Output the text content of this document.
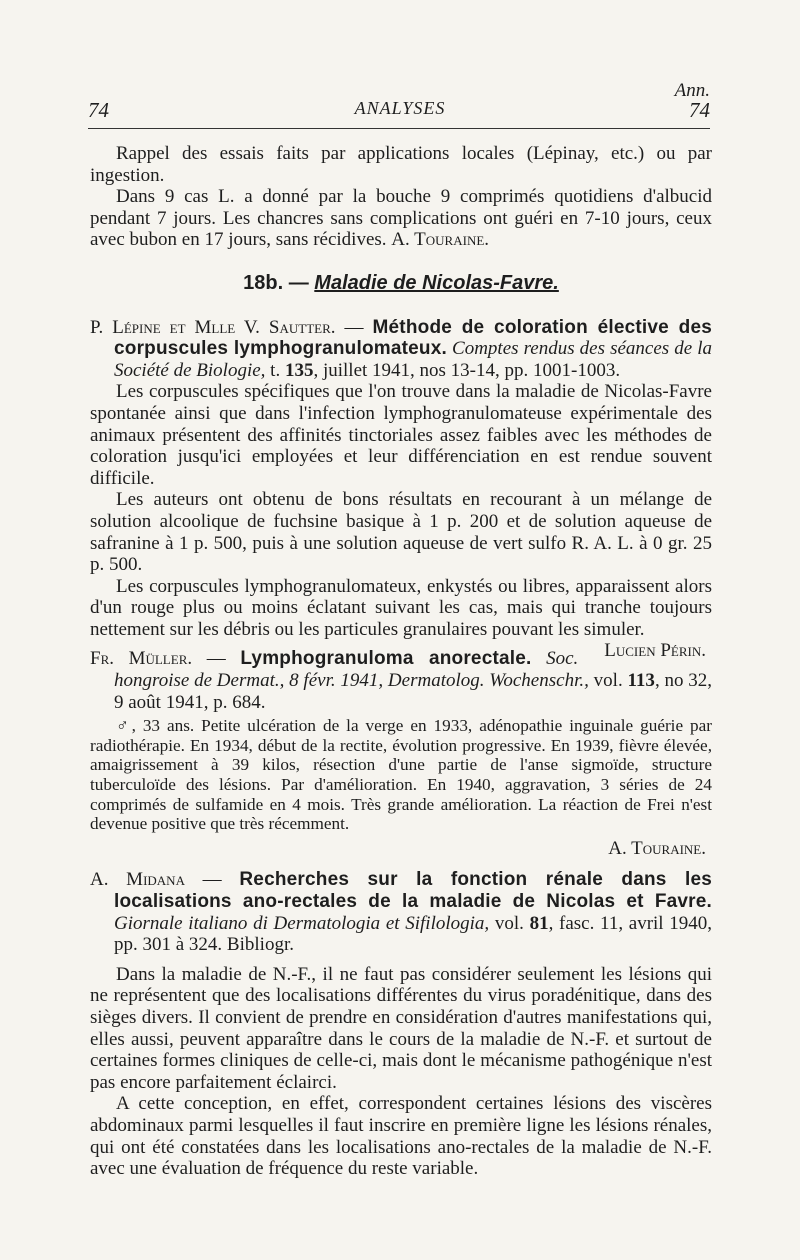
Ann.
74	ANALYSES	74

Rappel des essais faits par applications locales (Lépinay, etc.) ou par ingestion.

Dans 9 cas L. a donné par la bouche 9 comprimés quotidiens d'albucid pendant 7 jours. Les chancres sans complications ont guéri en 7-10 jours, ceux avec bubon en 17 jours, sans récidives. A. Touraine.

18b. — Maladie de Nicolas-Favre.

P. Lépine et Mlle V. Sautter. — Méthode de coloration élective des corpuscules lymphogranulomateux. Comptes rendus des séances de la Société de Biologie, t. 135, juillet 1941, nos 13-14, pp. 1001-1003.

Les corpuscules spécifiques que l'on trouve dans la maladie de Nicolas-Favre spontanée ainsi que dans l'infection lymphogranulomateuse expérimentale des animaux présentent des affinités tinctoriales assez faibles avec les méthodes de coloration jusqu'ici employées et leur différenciation en est rendue souvent difficile.

Les auteurs ont obtenu de bons résultats en recourant à un mélange de solution alcoolique de fuchsine basique à 1 p. 200 et de solution aqueuse de safranine à 1 p. 500, puis à une solution aqueuse de vert sulfo R. A. L. à 0 gr. 25 p. 500.

Les corpuscules lymphogranulomateux, enkystés ou libres, apparaissent alors d'un rouge plus ou moins éclatant suivant les cas, mais qui tranche toujours nettement sur les débris ou les particules granulaires pouvant les simuler.
Lucien Périn.

Fr. Müller. — Lymphogranuloma anorectale. Soc. hongroise de Dermat., 8 févr. 1941, Dermatolog. Wochenschr., vol. 113, no 32, 9 août 1941, p. 684.

♂, 33 ans. Petite ulcération de la verge en 1933, adénopathie inguinale guérie par radiothérapie. En 1934, début de la rectite, évolution progressive. En 1939, fièvre élevée, amaigrissement à 39 kilos, résection d'une partie de l'anse sigmoïde, structure tuberculoïde des lésions. Par d'amélioration. En 1940, aggravation, 3 séries de 24 comprimés de sulfamide en 4 mois. Très grande amélioration. La réaction de Frei n'est devenue positive que très récemment.

A. Touraine.

A. Midana — Recherches sur la fonction rénale dans les localisations ano-rectales de la maladie de Nicolas et Favre. Giornale italiano di Dermatologia et Sifilologia, vol. 81, fasc. 11, avril 1940, pp. 301 à 324. Bibliogr.

Dans la maladie de N.-F., il ne faut pas considérer seulement les lésions qui ne représentent que des localisations différentes du virus poradénitique, dans des sièges divers. Il convient de prendre en considération d'autres manifestations qui, elles aussi, peuvent apparaître dans le cours de la maladie de N.-F. et surtout de certaines formes cliniques de celle-ci, mais dont le mécanisme pathogénique n'est pas encore parfaitement éclairci.

A cette conception, en effet, correspondent certaines lésions des viscères abdominaux parmi lesquelles il faut inscrire en première ligne les lésions rénales, qui ont été constatées dans les localisations ano-rectales de la maladie de N.-F. avec une évaluation de fréquence du reste variable.
